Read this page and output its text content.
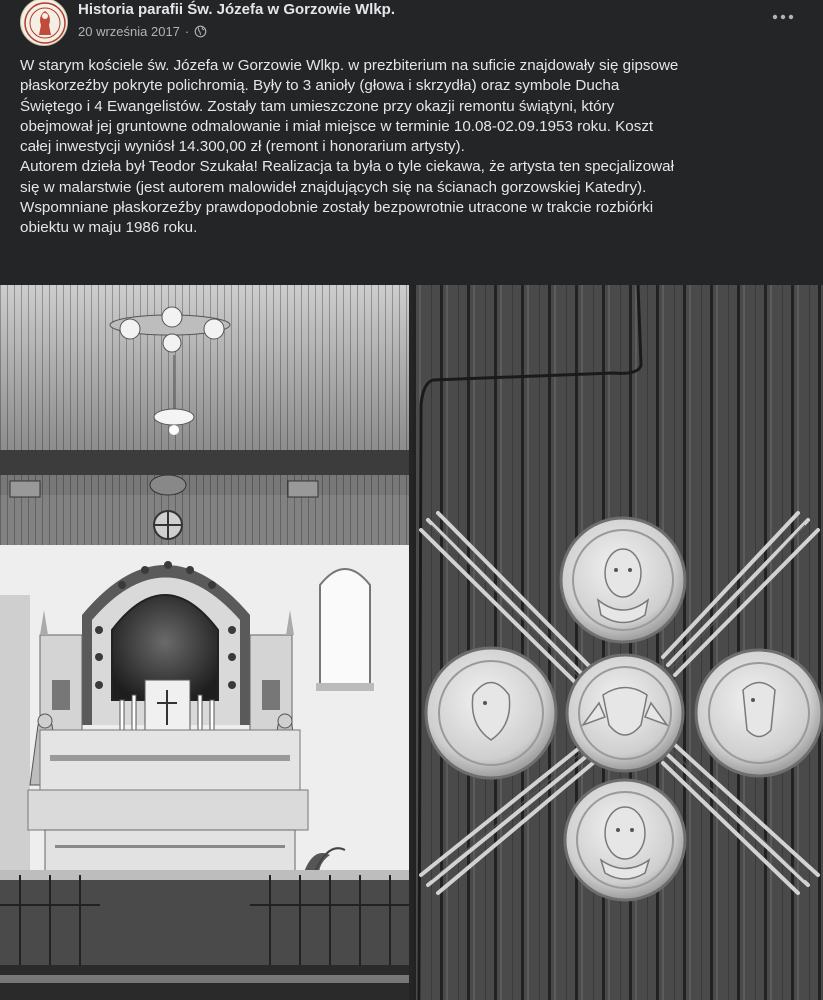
Historia parafii Św. Józefa w Gorzowie Wlkp.
20 września 2017 ·

W starym kościele św. Józefa w Gorzowie Wlkp. w prezbiterium na suficie znajdowały się gipsowe

płaskorzeźby pokryte polichromią. Były to 3 anioły (głowa i skrzydła) oraz symbole Ducha

Świętego i 4 Ewangelistów. Zostały tam umieszczone przy okazji remontu świątyni, który

obejmował jej gruntowne odmalowanie i miał miejsce w terminie 10.08-02.09.1953 roku. Koszt

całej inwestycji wyniósł 14.300,00 zł (remont i honorarium artysty).

Autorem dzieła był Teodor Szukała! Realizacja ta była o tyle ciekawa, że artysta ten specjalizował

się w malarstwie (jest autorem malowideł znajdujących się na ścianach gorzowskiej Katedry).

Wspomniane płaskorzeźby prawdopodobnie zostały bezpowrotnie utracone w trakcie rozbiórki

obiektu w maju 1986 roku.
